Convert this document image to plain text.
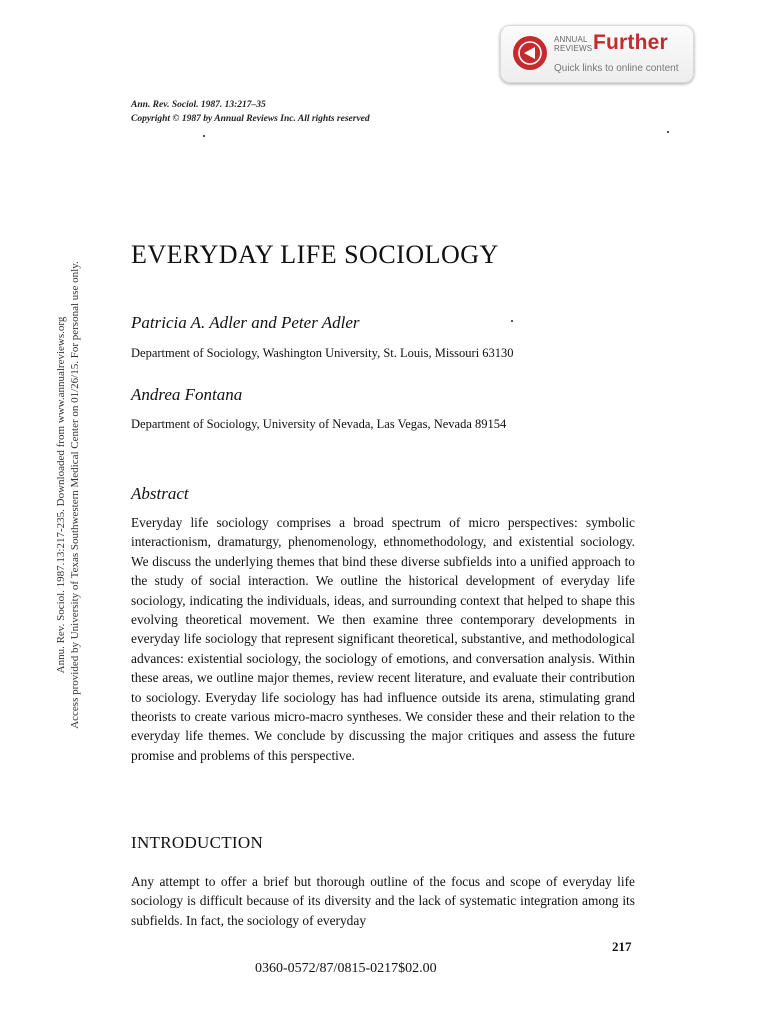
ANNUAL REVIEWS Further
Quick links to online content
Ann. Rev. Sociol. 1987. 13:217–35
Copyright © 1987 by Annual Reviews Inc. All rights reserved
Annu. Rev. Sociol. 1987.13:217-235. Downloaded from www.annualreviews.org Access provided by University of Texas Southwestern Medical Center on 01/26/15. For personal use only.
EVERYDAY LIFE SOCIOLOGY
Patricia A. Adler and Peter Adler
Department of Sociology, Washington University, St. Louis, Missouri 63130
Andrea Fontana
Department of Sociology, University of Nevada, Las Vegas, Nevada 89154
Abstract
Everyday life sociology comprises a broad spectrum of micro perspectives: symbolic interactionism, dramaturgy, phenomenology, ethnomethodology, and existential sociology. We discuss the underlying themes that bind these diverse subfields into a unified approach to the study of social interaction. We outline the historical development of everyday life sociology, indicating the individuals, ideas, and surrounding context that helped to shape this evolving theoretical movement. We then examine three contemporary developments in everyday life sociology that represent significant theoretical, substantive, and methodological advances: existential sociology, the sociology of emotions, and conversation analysis. Within these areas, we outline major themes, review recent literature, and evaluate their contribution to sociology. Everyday life sociology has had influence outside its arena, stimulating grand theorists to create various micro-macro syntheses. We consider these and their relation to the everyday life themes. We conclude by discussing the major critiques and assess the future promise and problems of this perspective.
INTRODUCTION
Any attempt to offer a brief but thorough outline of the focus and scope of everyday life sociology is difficult because of its diversity and the lack of systematic integration among its subfields. In fact, the sociology of everyday
217
0360-0572/87/0815-0217$02.00
